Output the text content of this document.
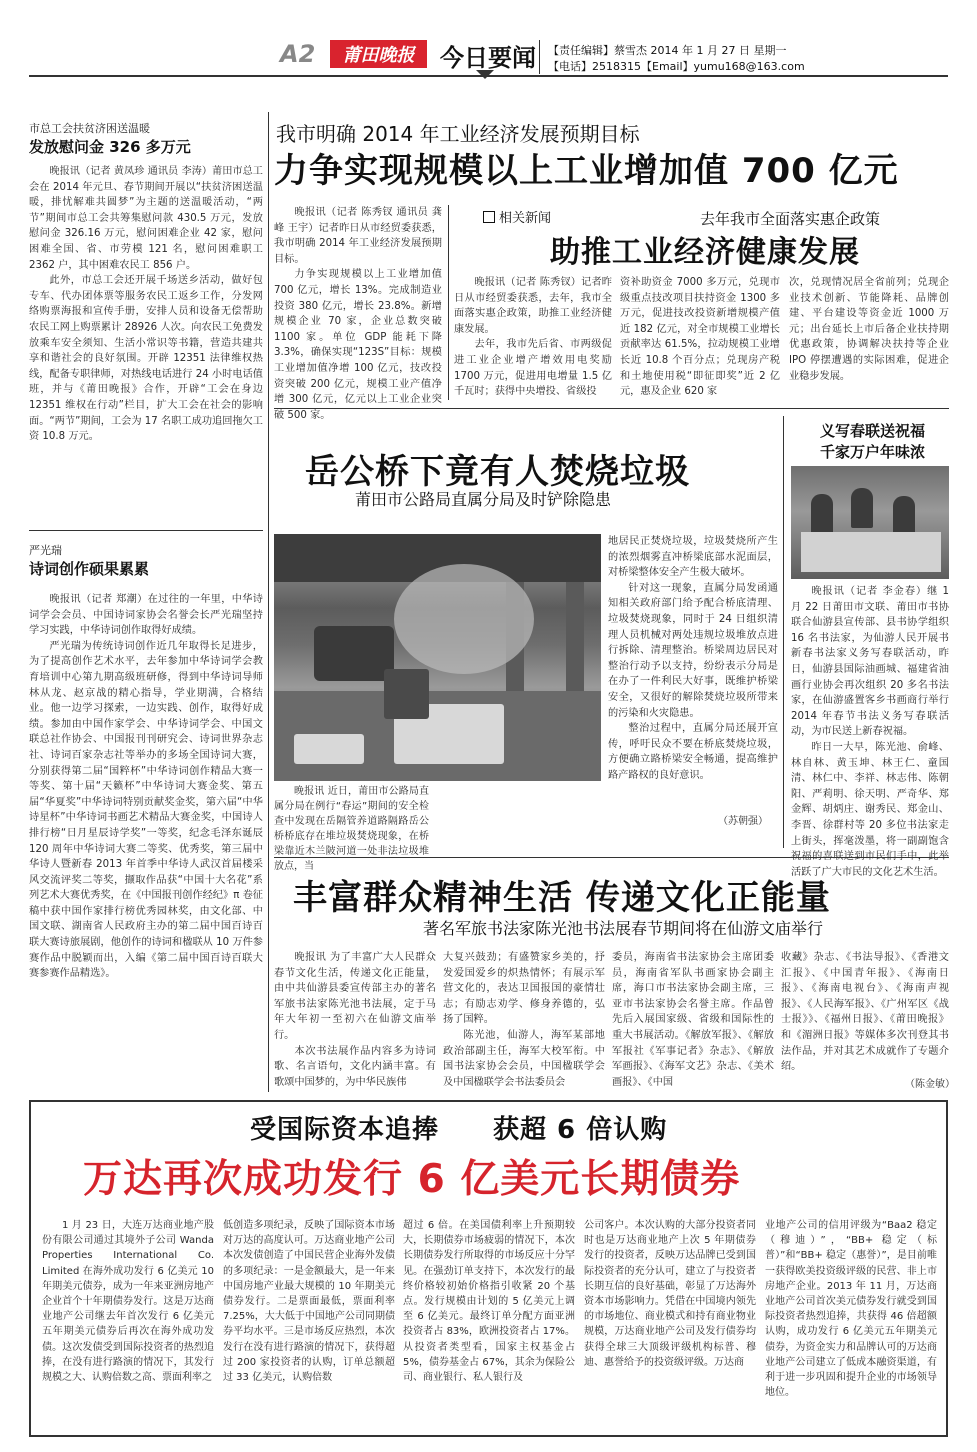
A2	莆田晚报	今日要闻 【责任编辑】蔡雪杰 2014 年 1 月 27 日 星期一
【电话】2518315【Email】yumu168@163.com
市总工会扶贫济困送温暖
发放慰问金 326 多万元

晚报讯（记者 黄凤珍 通讯员 李涛）莆田市总工会在 2014 年元旦、春节期间开展以“扶贫济困送温暖，排忧解难共圆梦”为主题的送温暖活动，“两节”期间市总工会共筹集慰问款 430.5 万元，发放慰问金 326.16 万元，慰问困难企业 42 家，慰问困难全国、省、市劳模 121 名，慰问困难职工 2362 户，其中困难农民工 856 户。

此外，市总工会还开展千场送乡活动，做好包专车、代办团体票等服务农民工返乡工作，分发网络购票海报和宣传手册，安排人员和设备无偿帮助农民工网上购票累计 28926 人次。向农民工免费发放乘车安全须知、生活小常识等书籍，营造共建共享和谐社会的良好氛围。开辟 12351 法律维权热线，配备专职律师，对热线电话进行 24 小时电话值班，并与《莆田晚报》合作，开辟“工会在身边 12351 维权在行动”栏目，扩大工会在社会的影响面。“两节”期间，工会为 17 名职工成功追回拖欠工资 10.8 万元。

严光瑞
诗词创作硕果累累

晚报讯（记者 郑潮）在过往的一年里，中华诗词学会会员、中国诗词家协会名誉会长严光瑞坚持学习实践，中华诗词创作取得好成绩。

严光瑞为传统诗词创作近几年取得长足进步，为了提高创作艺术水平，去年参加中华诗词学会教育培训中心第九期高级班研修，得到中华诗词导师林从龙、赵京战的精心指导，学业期满，合格结业。他一边学习探索，一边实践、创作，取得好成绩。参加由中国作家学会、中华诗词学会、中国文联总社作协会、中国报刊刊研究会、诗词世界杂志社、诗词百家杂志社等举办的多场全国诗词大赛，分别获得第二届“国粹杯”中华诗词创作精品大赛一等奖、第十届“天籁杯”中华诗词大赛金奖、第五届“华夏奖”中华诗词特别贡献奖金奖，第六届“中华诗星杯”中华诗词书画艺术精品大赛金奖，中国诗人排行榜“日月星辰诗学奖”一等奖，纪念毛泽东诞辰 120 周年中华诗词大赛二等奖、优秀奖，第三届中华诗人暨新春 2013 年首季中华诗人武汉首届楼采风交流评奖二等奖，撷取作品获“中国十大名花”系列艺术大赛优秀奖，在《中国报刊创作经纪》π 卷征稿中获中国作家排行榜优秀园林奖，由文化部、中国文联、湖南省人民政府主办的第二届中国百诗百联大赛诗旅展剧，他创作的诗词和楹联从 10 万件参赛作品中脱颖而出，入编《第二届中国百诗百联大赛参赛作品精选》。

我市明确 2014 年工业经济发展预期目标
力争实现规模以上工业增加值 700 亿元

晚报讯（记者 陈秀钗 通讯员 龚峰 王宇）记者昨日从市经贸委获悉，我市明确 2014 年工业经济发展预期目标。

力争实现规模以上工业增加值 700 亿元，增长 13%。完成制造业投资 380 亿元，增长 23.8%。新增规模企业 70 家，企业总数突破 1100 家。单位 GDP 能耗下降 3.3%，确保实现“123S”目标：规模工业增加值净增 100 亿元，技改投资突破 200 亿元，规模工业产值净增 300 亿元，亿元以上工业企业突破 500 家。

相关新闻	去年我市全面落实惠企政策
助推工业经济健康发展

晚报讯（记者 陈秀钗）记者昨日从市经贸委获悉，去年，我市全面落实惠企政策，助推工业经济健康发展。

去年，我市先后省、市两级促进工业企业增产增效用电奖励 1700 万元，促进用电增量 1.5 亿千瓦时；获得中央增投、省级投

资补助资金 7000 多万元，兑现市级重点技改项目扶持资金 1300 多万元，促进技改投资新增规模产值近 182 亿元，对全市规模工业增长贡献率达 61.5%，拉动规模工业增长近 10.8 个百分点；兑现房产税和土地使用税“即征即奖”近 2 亿元，惠及企业 620 家

次，兑现情况居全省前列；兑现企业技术创新、节能降耗、品牌创建、平台建设等资金近 1000 万元；出台延长上市后备企业扶持期优惠政策，协调解决扶持等企业 IPO 停摆遭遇的实际困难，促进企业稳步发展。

岳公桥下竟有人焚烧垃圾
莆田市公路局直属分局及时铲除隐患

晚报讯 近日，莆田市公路局直属分局在例行“春运”期间的安全检查中发现在岳隔管养道路隔路岳公桥桥底存在堆垃圾焚烧现象，在桥梁靠近木兰陂河道一处非法垃圾堆放点，当

地居民正焚烧垃圾，垃圾焚烧所产生的浓烈烟雾直冲桥梁底部水泥面层，对桥梁整体安全产生极大破坏。

针对这一现象，直属分局发函通知相关政府部门给予配合桥底清理、垃圾焚烧现象，同时于 24 日组织清理人员机械对两处违规垃圾堆放点进行拆除、清理整治。桥梁周边居民对整治行动予以支持，纷纷表示分局是在办了一件利民大好事，既维护桥梁安全，又很好的解除焚烧垃圾所带来的污染和火灾隐患。

整治过程中，直属分局还展开宣传，呼吁民众不要在桥底焚烧垃圾，方便确立路桥梁安全畅通，提高维护路产路权的良好意识。

（苏朝强）
义写春联送祝福
千家万户年味浓

晚报讯（记者 李金春）继 1 月 22 日莆田市文联、莆田市书协联合仙游县宣传部、县书协学组织 16 名书法家，为仙游人民开展书新春书法家义务写春联活动，昨日，仙游县国际油画城、福建省油画行业协会再次组织 20 多名书法家，在仙游盛置客乡书画商行举行 2014 年春节书法义务写春联活动，为市民送上新春祝福。

昨日一大早，陈光池、俞峰、林自林、黄玉坤、林王仁、童国清、林仁中、李祥、林志伟、陈朝阳、严莉明、徐天明、严奇华、郑金辉、胡炳庄、谢秀民、郑金山、李晋、徐群村等 20 多位书法家走上街头，挥毫泼墨，将一副副饱含 活跃了广大市民的文化艺术生活。

丰富群众精神生活 传递文化正能量
著名军旅书法家陈光池书法展春节期间将在仙游文庙举行

晚报讯 为了丰富广大人民群众春节文化生活，传递文化正能量，由中共仙游县委宣传部主办的著名军旅书法家陈光池书法展，定于马年大年初一至初六在仙游文庙举行。

本次书法展作品内容多为诗词歌、名言语句，文化内涵丰富。有歌颂中国梦的，为中华民族伟

大复兴鼓劲；有盛赞家乡美的，抒发爱国爱乡的炽热情怀；有展示军营文化的，表达卫国报国的豪情壮志；有励志劝学、修身养德的，弘扬了国粹。

陈光池，仙游人，海军某部地政治部副主任，海军大校军衔。中国书法家协会会员，中国楹联学会及中国楹联学会书法委员会

委员，海南省书法家协会主席团委员，海南省军队书画家协会副主席，海口市书法家协会副主席，三亚市书法家协会名誉主席。作品曾先后入展国家级、省级和国际性的重大书展活动。《解放军报》、《解放军报社《军事记者》杂志》、《解放军画报》、《海军文艺》杂志、《美术画报》、《中国

收藏》杂志、《书法导报》、《香港文汇报》、《中国青年报》、《海南日报》、《海南电视台》、《海南声视报》、《人民海军报》、《广州军区《战士报》》、《福州日报》、《莆田晚报》和《湄洲日报》等媒体多次刊登其书法作品，并对其艺术成就作了专题介绍。

（陈金敏）
受国际资本追捧　　获超 6 倍认购
万达再次成功发行 6 亿美元长期债券

1 月 23 日，大连万达商业地产股份有限公司通过其境外子公司 Wanda Properties International Co. Limited 在海外成功发行 6 亿美元 10 年期美元债券，成为一年来亚洲房地产企业首个十年期债券发行。这是万达商业地产公司继去年首次发行 6 亿美元五年期美元债券后再次在海外成功发债。这次发债受到国际投资者的热烈追捧，在没有进行路演的情况下，其发行规模之大、认购倍数之高、票面利率之

低创造多项纪录，反映了国际资本市场对万达的高度认可。万达商业地产公司本次发债创造了中国民营企业海外发债的多项纪录：一是金额最大，是一年来中国房地产业最大规模的 10 年期美元债券发行。二是票面最低，票面利率 7.25%，大大低于中国地产公司同期债券平均水平。三是市场反应热烈，本次发行在没有进行路演的情况下，获得超过 200 家投资者的认购，订单总额超过 33 亿美元，认购倍数

超过 6 倍。在美国债利率上升预期较大，长期债券市场疲弱的情况下，本次长期债券发行所取得的市场反应十分罕见。在强劲订单支持下，本次发行的最终价格较初始价格指引收紧 20 个基点。发行规模由计划的 5 亿美元上调至 6 亿美元。最终订单分配方面亚洲投资者占 83%，欧洲投资者占 17%。从投资者类型看，国家主权基金占 5%，债券基金占 67%，其余为保险公司、商业银行、私人银行及

公司客户。本次认购的大部分投资者同时也是万达商业地产上次 5 年期债券发行的投资者，反映万达品牌已受到国际投资者的充分认可，建立了与投资者长期互信的良好基础，彰显了万达海外资本市场影响力。凭借在中国境内领先的市场地位、商业模式和持有商业物业规模，万达商业地产公司及发行债券均获得全球三大顶级评级机构标普、穆迪、惠誉给予的投资级评级。万达商

业地产公司的信用评级为“Baa2 稳定（穆迪）”，“BB+ 稳定（标普）”和“BB+ 稳定（惠誉）”，是目前唯一获得欧美投资级评级的民营、非上市房地产企业。2013 年 11 月，万达商业地产公司首次美元债券发行就受到国际投资者热烈追捧，共获得 46 倍超额认购，成功发行 6 亿美元五年期美元债券，为资金实力和品牌认可的万达商业地产公司建立了低成本融资渠道，有利于进一步巩固和提升企业的市场领导地位。
